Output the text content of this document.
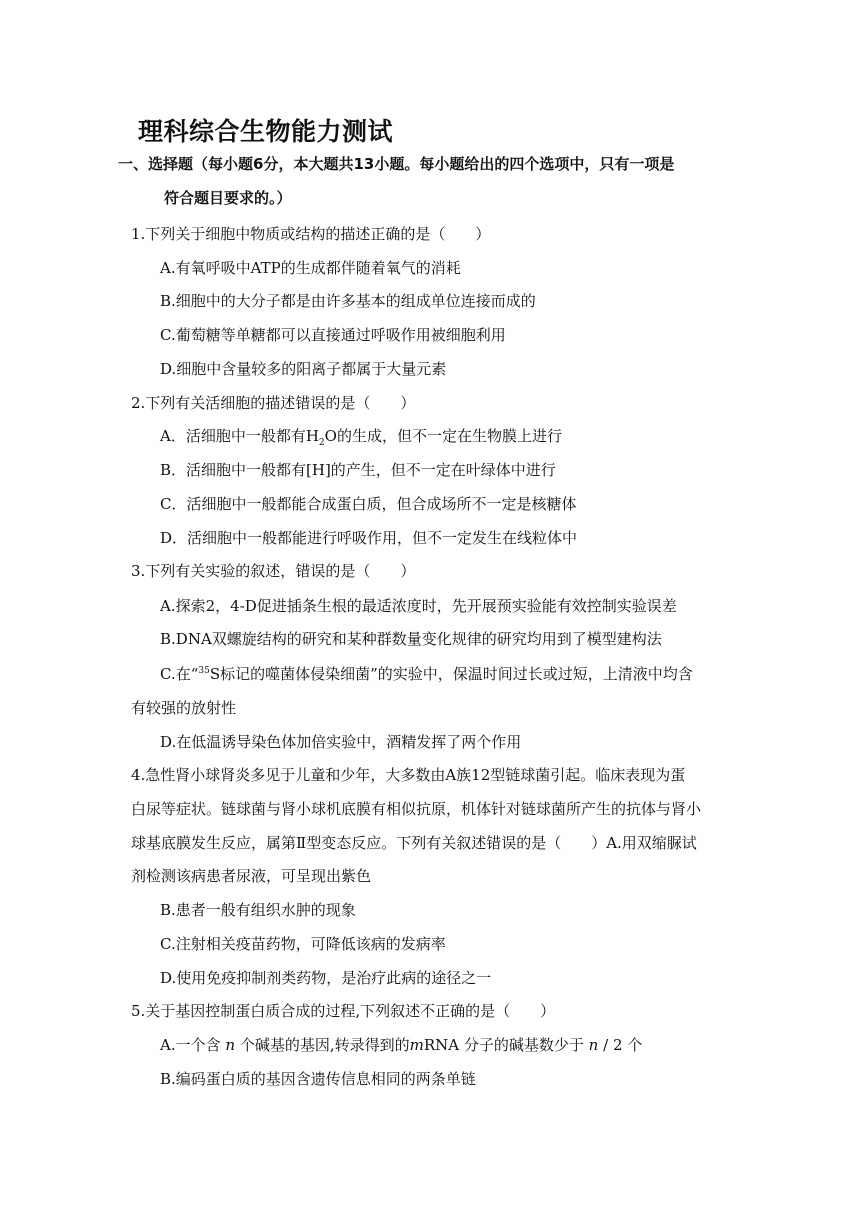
理科综合生物能力测试
一、选择题（每小题6分，本大题共13小题。每小题给出的四个选项中，只有一项是
符合题目要求的。）
1.下列关于细胞中物质或结构的描述正确的是（　　）
A.有氧呼吸中ATP的生成都伴随着氧气的消耗
B.细胞中的大分子都是由许多基本的组成单位连接而成的
C.葡萄糖等单糖都可以直接通过呼吸作用被细胞利用
D.细胞中含量较多的阳离子都属于大量元素
2.下列有关活细胞的描述错误的是（　　）
A．活细胞中一般都有$H_2O$的生成，但不一定在生物膜上进行
B．活细胞中一般都有[H]的产生，但不一定在叶绿体中进行
C．活细胞中一般都能合成蛋白质，但合成场所不一定是核糖体
D．活细胞中一般都能进行呼吸作用，但不一定发生在线粒体中
3.下列有关实验的叙述，错误的是（　　）
A.探索2，4-D促进插条生根的最适浓度时，先开展预实验能有效控制实验误差
B.DNA双螺旋结构的研究和某种群数量变化规律的研究均用到了模型建构法
C.在“$^{35}$S标记的噬菌体侵染细菌”的实验中，保温时间过长或过短，上清液中均含
有较强的放射性
D.在低温诱导染色体加倍实验中，酒精发挥了两个作用
4.急性肾小球肾炎多见于儿童和少年，大多数由A族12型链球菌引起。临床表现为蛋
白尿等症状。链球菌与肾小球机底膜有相似抗原，机体针对链球菌所产生的抗体与肾小
球基底膜发生反应，属第Ⅱ型变态反应。下列有关叙述错误的是（　　）A.用双缩脲试
剂检测该病患者尿液，可呈现出紫色
B.患者一般有组织水肿的现象
C.注射相关疫苗药物，可降低该病的发病率
D.使用免疫抑制剂类药物，是治疗此病的途径之一
5.关于基因控制蛋白质合成的过程,下列叙述不正确的是（　　）
A.一个含 n 个碱基的基因,转录得到的mRNA 分子的碱基数少于 n / 2 个
B.编码蛋白质的基因含遗传信息相同的两条单链
